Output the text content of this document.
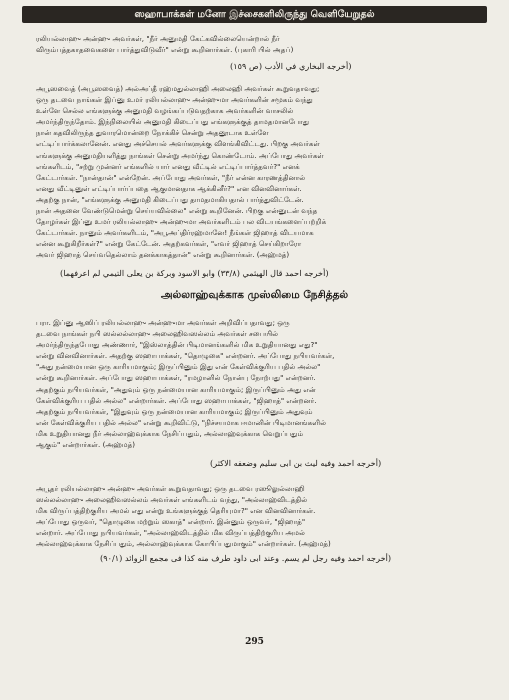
ஸஹாபாக்கள் மனோ இச்சைகளிலிருந்து வெளியேறுதல்
ரலியல்லாஹு அன்ஹு அவர்கள், "நீர் அனுமதி கேட்கவில்லையென்றால் நீர்
விரும்பத்தகாதவைகளை பார்த்துவிடுவீர்" என்று கூறினார்கள். (புகாரி பில் அதப்)
(أخرجه البخاري في الأدب (ص ١٥٩)
அபூஸவைத் (அபூஸவைத்) அல்அப்தீ ரஹ்மதுல்லாஹி அலைஹி அவர்கள் கூறுவதாவது;
ஒரு தடவை நாங்கள் இப்னு உமர் ரலியல்லாஹு அன்ஹுமா அவர்களின் சமூகம் வந்து
உள்ளே செல்ல எங்களுக்கு அனுமதி வழங்கப்படுவதற்காக அவர்களின் வாசலில்
அமர்ந்திருந்தோம். இந்நிலையில் அனுமதி கிடைப்பது எங்களுக்குத் தாமதமானபோது
நான் கதவிலிருந்த துவாரமொன்றை நோக்கிச் சென்று அதனூடாக உள்ளே
எட்டிப்பார்க்கலானேன். எனது அச்செயல் அவர்களுக்கு விளங்கிவிட்டது. பிறகு அவர்கள்
எங்களுக்கு அனுமதியளித்து நாங்கள் சென்று அமர்ந்து கொண்டோம். அப்போது அவர்கள்
எங்களிடம், "சற்று முன்னர் எங்களில் யார் எனது வீட்டில் எட்டிப்பார்த்தவர்?" எனக்
கேட்டார்கள். "நான்தான்" என்றேன். அப்போது அவர்கள், "நீர் என்ன காரணத்தினால்
எனது வீட்டினுள் எட்டிப்பார்ப்பதை ஆகுமானதாக ஆக்கினீர்?" என வினவினார்கள்.
அதற்கு நான், "எங்களுக்கு அனுமதி கிடைப்பது தாமதமாகியதால் பார்த்துவிட்டேன்.
நான் அதனை வேண்டுமென்று செய்யவில்லை" என்று கூறினேன். பிறகு என்னுடன் வந்த
தோழர்கள் இப்னு உமர் ரலியல்லாஹு அன்ஹுமா அவர்களிடம் பல விடயங்களைப்பற்றிக்
கேட்டார்கள். நானும் அவர்களிடம், "அபூஅப்திர்ரஹ்மானே! நீங்கள் ஜிஹாத் விடயமாக
என்ன கூறுகிறீர்கள்?" என்று கேட்டேன். அதற்கவர்கள், "எவர் ஜிஹாத் செய்கிறாரோ
அவர் ஜிஹாத் செய்வதெல்லாம் தனக்காகத்தான்" என்று கூறினார்கள். (அஹ்மத்)
(أخرجه احمد قال الهيثمي (٣٣/٨) وابو الاسود وبركة بن يعلى التيمي لم اعرفهما)
அல்லாஹ்வுக்காக முஸ்லிமை நேசித்தல்
பரா. இப்னு ஆஸிப் ரலியல்லாஹு அன்ஹுமா அவர்கள் அறிவிப்பதாவது; ஒரு
தடவை நாங்கள் நபி ஸல்லல்லாஹு அலைஹிவஸல்லம் அவர்கள் சபையில்
அமர்ந்திருந்தபோது அண்ணார், "இஸ்லாத்தின் பிடிமானங்களில் மிக உறுதியானது எது?"
என்று வினவினார்கள். அதற்கு ஸஹாபாக்கள், "தொழுகை" என்றனர். அப்போது நபியவர்கள்,
"அது நன்மையான ஒரு காரியமாகும்; இருப்பினும் இது என் கேள்விக்குரிய பதில் அல்ல"
என்று கூறினார்கள். அப்போது ஸஹாபாக்கள், "ரமழானில் நோன்பு நோற்பது" என்றனர்.
அதற்கும் நபியவர்கள், "அதுவும் ஒரு நன்மையான காரியமாகும்; இருப்பினும் அது என்
கேள்விக்குரிய பதில் அல்ல" என்றார்கள். அப்போது ஸஹாபாக்கள், "ஜிஹாத்" என்றனர்.
அதற்கும் நபியவர்கள், "இதுவும் ஒரு நன்மையான காரியமாகும்; இருப்பினும் அதுவும்
என் கேள்விக்குரிய பதில் அல்ல" என்று கூறிவிட்டு, "நிச்சயமாக ஈமானின் பிடிமானங்களில்
மிக உறுதியானது நீர் அல்லாஹ்வுக்காக நேசிப்பதும், அல்லாஹ்வுக்காக வெறுப்பதும்
ஆகும்" என்றார்கள். (அஹ்மத்)
(أخرجه احمد وفيه ليث بن ابى سليم وضعفه الاكثر)
அபூதர் ரலியல்லாஹு அன்ஹு அவர்கள் கூறுவதாவது; ஒரு தடவை ரஸூலுல்லாஹி
ஸல்லல்லாஹு அலைஹிவஸல்லம் அவர்கள் எங்களிடம் வந்து, "அல்லாஹ்விடத்தில்
மிக விருப்பத்திற்குரிய அமல் எது என்று உங்களுக்குத் தெரியுமா?" என வினவினார்கள்.
அப்போது ஒருவர், "தொழுகை மற்றும் ஸகாத்" என்றார். இன்னும் ஒருவர், "ஜிஹாத்"
என்றார். அப்போது நபியவர்கள், "அல்லாஹ்விடத்தில் மிக விருப்பத்திற்குரிய அமல்
அல்லாஹ்வுக்காக நேசிப்பதும், அல்லாஹ்வுக்காக கோபிப்பதுமாகும்" என்றார்கள். (அஹ்மத்)
(أخرجه احمد وفيه رجل لم يسم. وعند ابى داود طرف منه كذا فى مجمع الزوائد (٩٠/١)
295
